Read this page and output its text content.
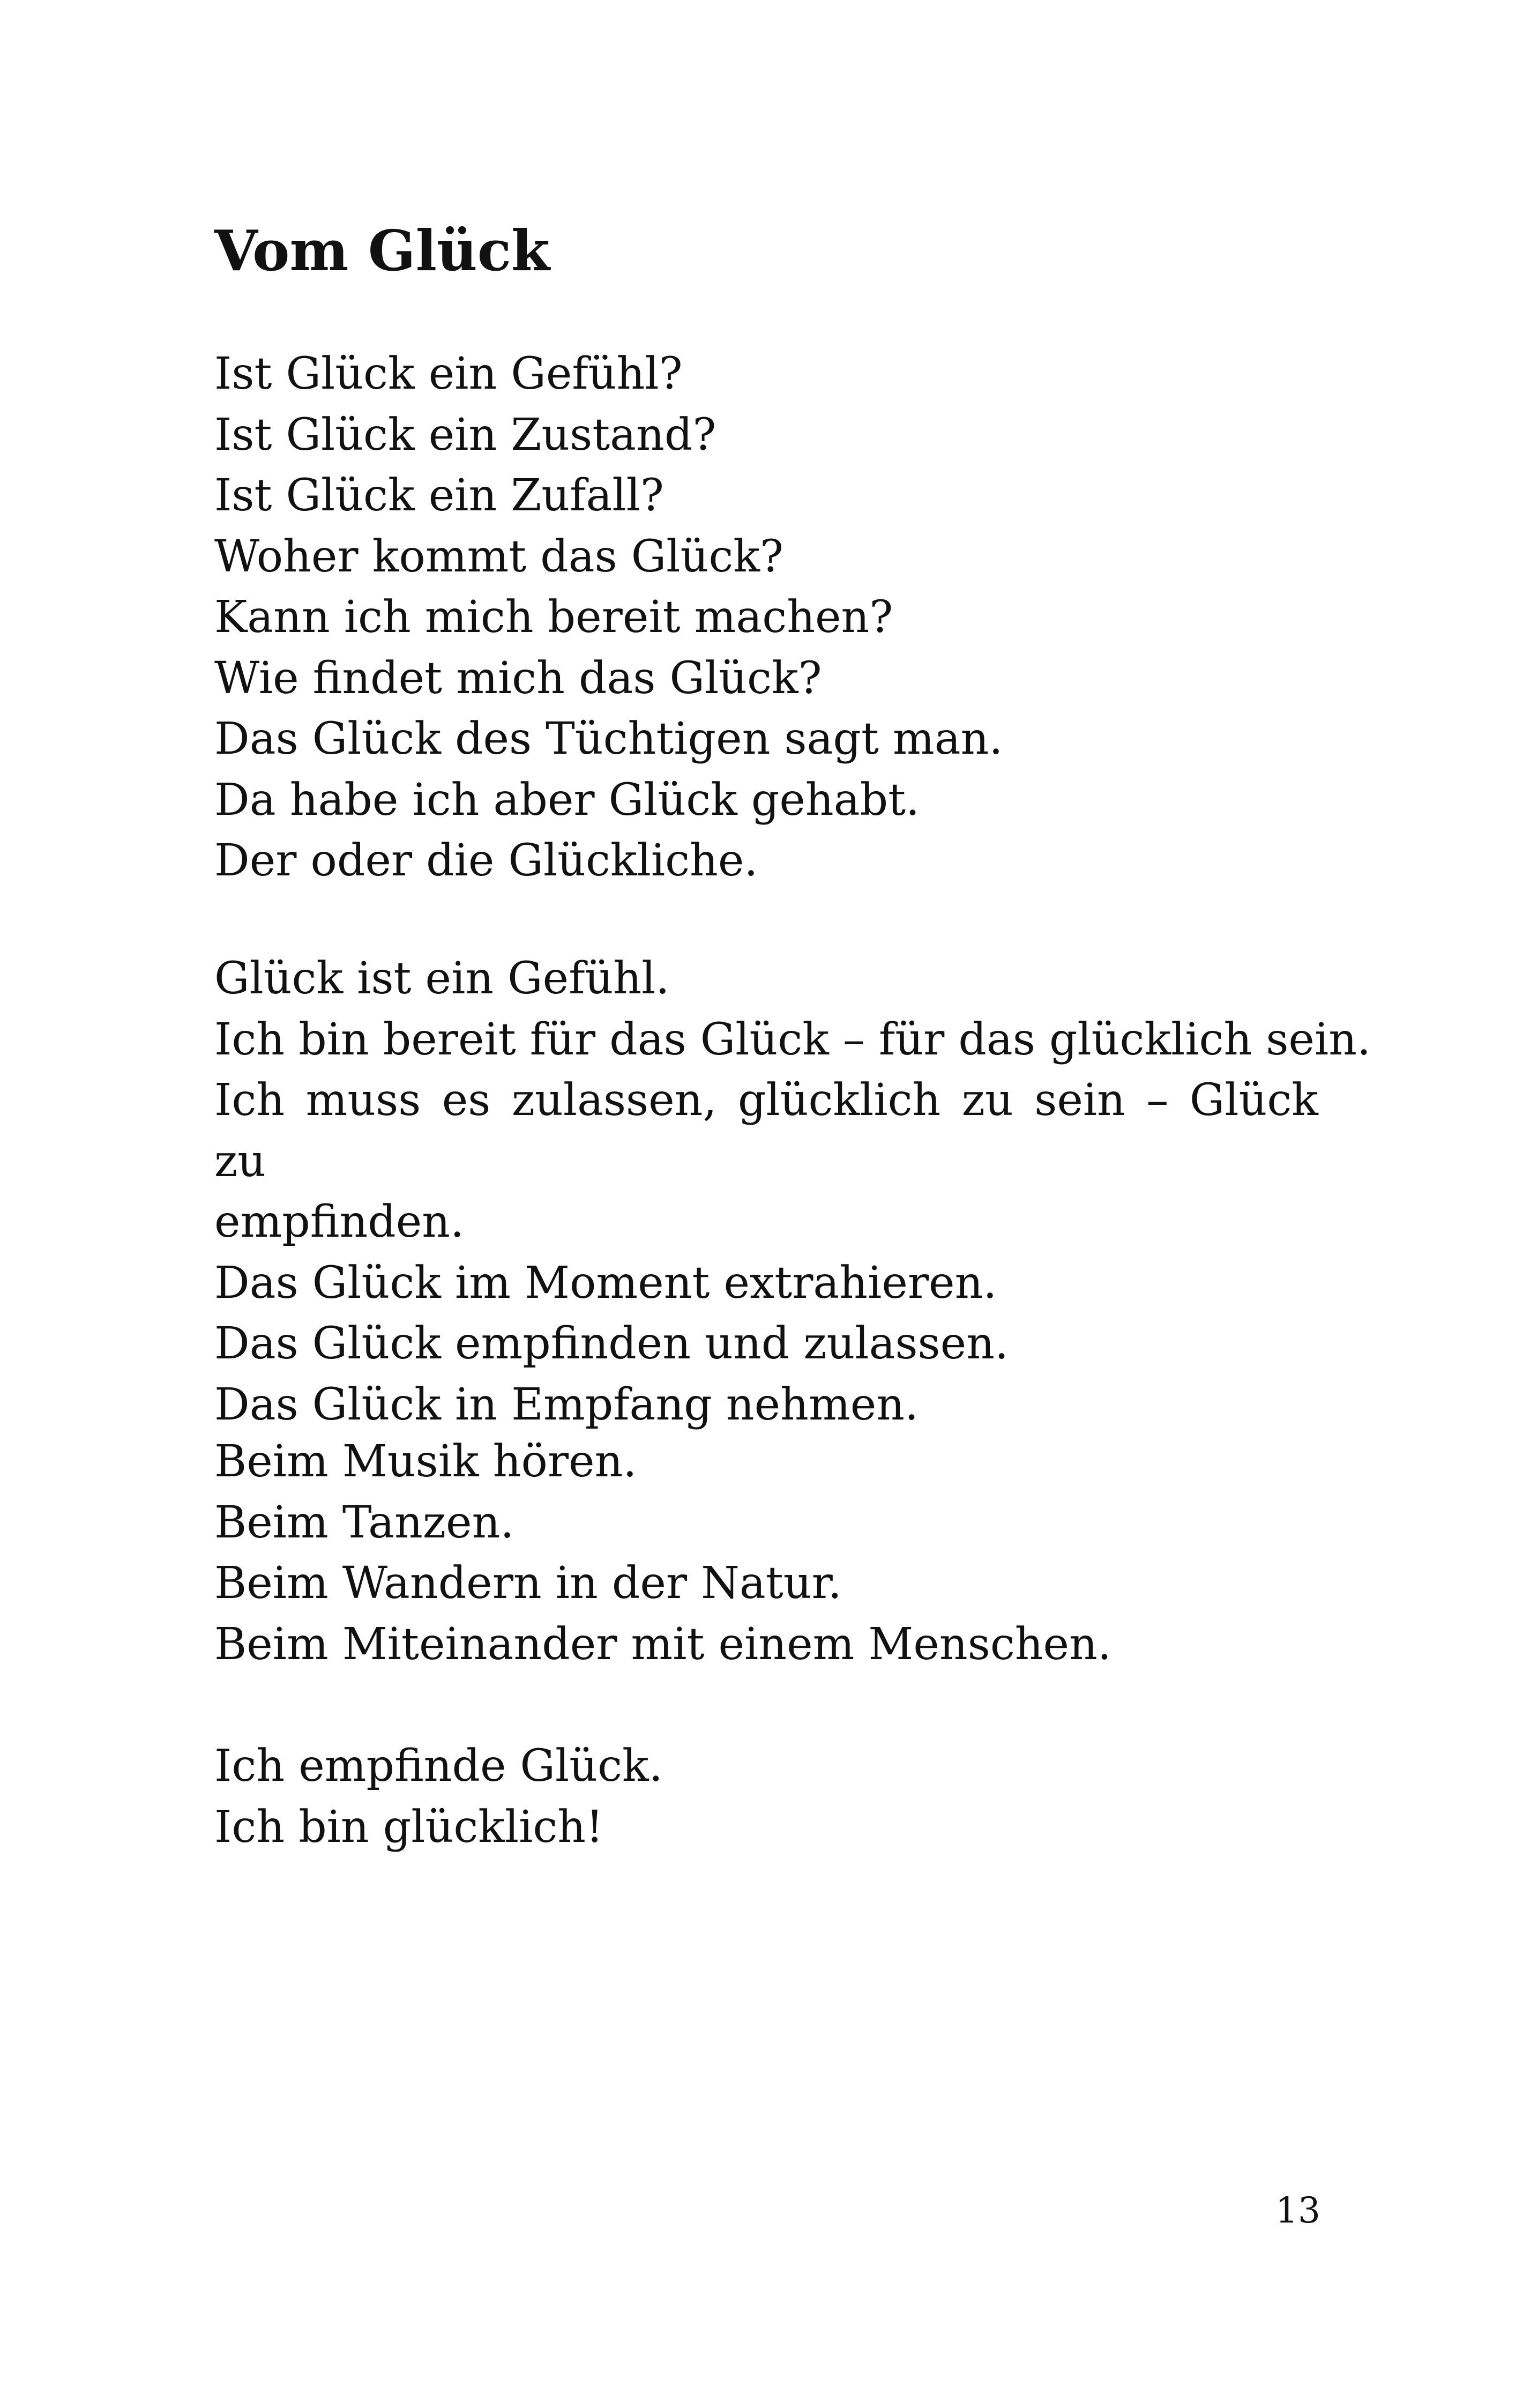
Vom Glück
Ist Glück ein Gefühl?
Ist Glück ein Zustand?
Ist Glück ein Zufall?
Woher kommt das Glück?
Kann ich mich bereit machen?
Wie findet mich das Glück?
Das Glück des Tüchtigen sagt man.
Da habe ich aber Glück gehabt.
Der oder die Glückliche.
Glück ist ein Gefühl.
Ich bin bereit für das Glück – für das glücklich sein.
Ich muss es zulassen, glücklich zu sein – Glück zu
empfinden.
Das Glück im Moment extrahieren.
Das Glück empfinden und zulassen.
Das Glück in Empfang nehmen.
Beim Musik hören.
Beim Tanzen.
Beim Wandern in der Natur.
Beim Miteinander mit einem Menschen.
Ich empfinde Glück.
Ich bin glücklich!
13
